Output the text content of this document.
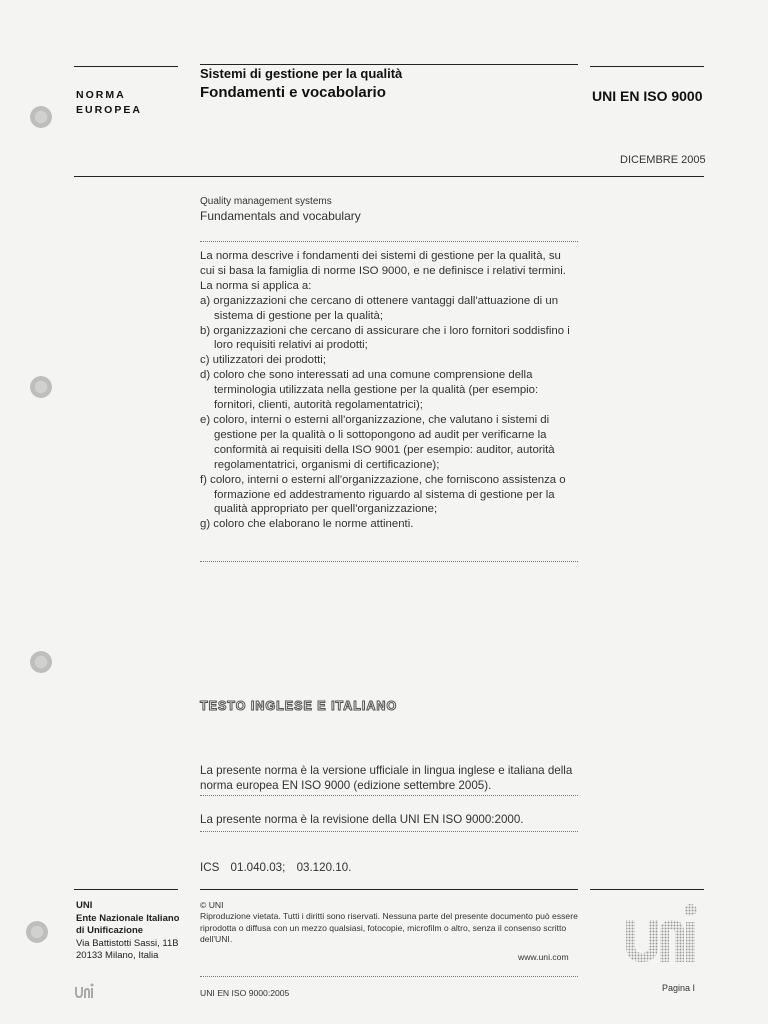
NORMA
EUROPEA
Sistemi di gestione per la qualità
Fondamenti e vocabolario	UNI EN ISO 9000
DICEMBRE 2005
Quality management systems
Fundamentals and vocabulary

La norma descrive i fondamenti dei sistemi di gestione per la qualità, su cui si basa la famiglia di norme ISO 9000, e ne definisce i relativi termini.

La norma si applica a:

a) organizzazioni che cercano di ottenere vantaggi dall'attuazione di un sistema di gestione per la qualità;

b) organizzazioni che cercano di assicurare che i loro fornitori soddisfino i loro requisiti relativi ai prodotti;

c) utilizzatori dei prodotti;

d) coloro che sono interessati ad una comune comprensione della terminologia utilizzata nella gestione per la qualità (per esempio: fornitori, clienti, autorità regolamentatrici);

e) coloro, interni o esterni all'organizzazione, che valutano i sistemi di gestione per la qualità o li sottopongono ad audit per verificarne la conformità ai requisiti della ISO 9001 (per esempio: auditor, autorità regolamentatrici, organismi di certificazione);

f) coloro, interni o esterni all'organizzazione, che forniscono assistenza o formazione ed addestramento riguardo al sistema di gestione per la qualità appropriato per quell'organizzazione;

g) coloro che elaborano le norme attinenti.

TESTO INGLESE E ITALIANO
La presente norma è la versione ufficiale in lingua inglese e italiana della norma europea EN ISO 9000 (edizione settembre 2005).
La presente norma è la revisione della UNI EN ISO 9000:2000.
ICS 01.040.03; 03.120.10.
UNI
Ente Nazionale Italiano
di Unificazione
Via Battistotti Sassi, 11B
20133 Milano, Italia
© UNI
Riproduzione vietata. Tutti i diritti sono riservati. Nessuna parte del presente documento può essere riprodotta o diffusa con un mezzo qualsiasi, fotocopie, microfilm o altro, senza il consenso scritto dell'UNI.
www.uni.com
UNI EN ISO 9000:2005	Pagina I
